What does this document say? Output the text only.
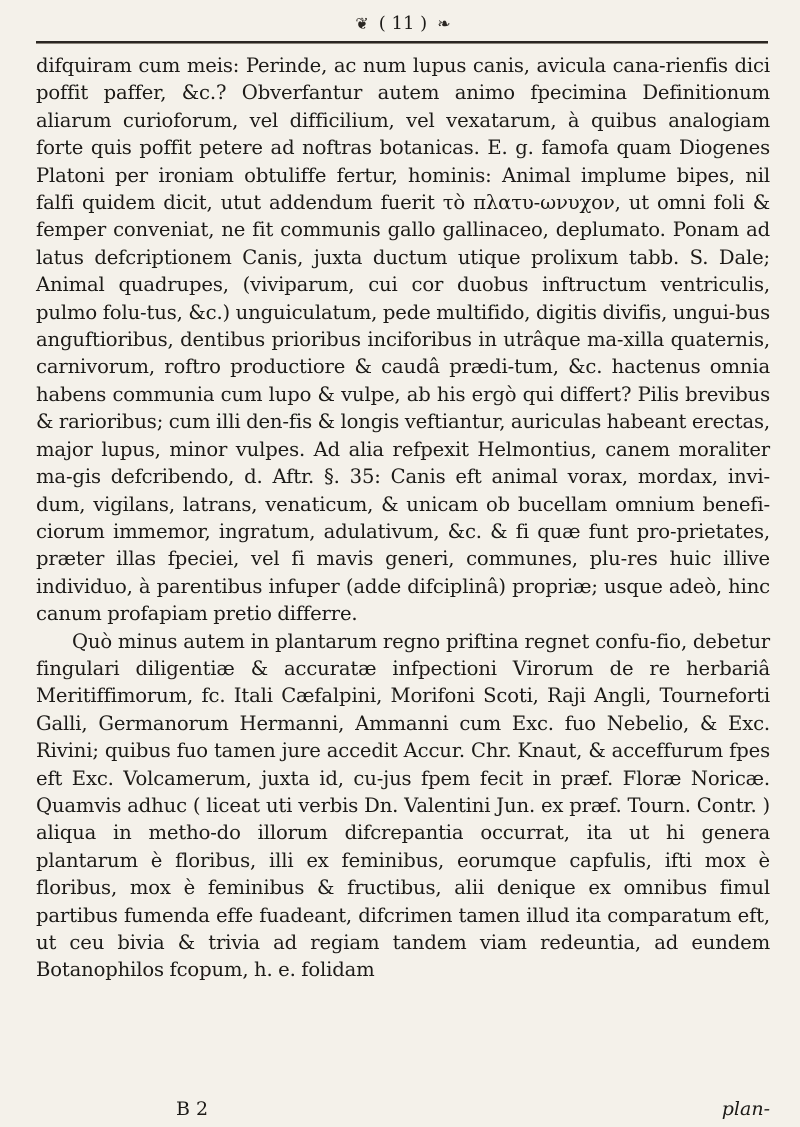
❦ ( 11 ) ❧

difquiram cum meis: Perinde, ac num lupus canis, avicula cana-rienfis dici poffit paffer, &c.? Obverfantur autem animo fpecimina Definitionum aliarum curioforum, vel difficilium, vel vexatarum, à quibus analogiam forte quis poffit petere ad noftras botanicas. E. g. famofa quam Diogenes Platoni per ironiam obtuliffe fertur, hominis: Animal implume bipes, nil falfi quidem dicit, utut addendum fuerit τὸ πλατυ-ωνυχον, ut omni foli & femper conveniat, ne fit communis gallo gallinaceo, deplumato. Ponam ad latus defcriptionem Canis, juxta ductum utique prolixum tabb. S. Dale; Animal quadrupes, (viviparum, cui cor duobus inftructum ventriculis, pulmo folu-tus, &c.) unguiculatum, pede multifido, digitis divifis, ungui-bus anguftioribus, dentibus prioribus inciforibus in utrâque ma-xilla quaternis, carnivorum, roftro productiore & caudâ prædi-tum, &c. hactenus omnia habens communia cum lupo & vulpe, ab his ergò qui differt? Pilis brevibus & rarioribus; cum illi den-fis & longis veftiantur, auriculas habeant erectas, major lupus, minor vulpes. Ad alia refpexit Helmontius, canem moraliter ma-gis defcribendo, d. Aftr. §. 35: Canis eft animal vorax, mordax, invi-dum, vigilans, latrans, venaticum, & unicam ob bucellam omnium benefi-ciorum immemor, ingratum, adulativum, &c. & fi quæ funt pro-prietates, præter illas fpeciei, vel fi mavis generi, communes, plu-res huic illive individuo, à parentibus infuper (adde difciplinâ) propriæ; usque adeò, hinc canum profapiam pretio differre.

Quò minus autem in plantarum regno priftina regnet confu-fio, debetur fingulari diligentiæ & accuratæ infpectioni Virorum de re herbariâ Meritiffimorum, fc. Itali Cæfalpini, Morifoni Scoti, Raji Angli, Tourneforti Galli, Germanorum Hermanni, Ammanni cum Exc. fuo Nebelio, & Exc. Rivini; quibus fuo tamen jure accedit Accur. Chr. Knaut, & acceffurum fpes eft Exc. Volcamerum, juxta id, cu-jus fpem fecit in præf. Floræ Noricæ. Quamvis adhuc ( liceat uti verbis Dn. Valentini Jun. ex præf. Tourn. Contr. ) aliqua in metho-do illorum difcrepantia occurrat, ita ut hi genera plantarum è floribus, illi ex feminibus, eorumque capfulis, ifti mox è floribus, mox è feminibus & fructibus, alii denique ex omnibus fimul partibus fumenda effe fuadeant, difcrimen tamen illud ita comparatum eft, ut ceu bivia & trivia ad regiam tandem viam redeuntia, ad eundem Botanophilos fcopum, h. e. folidam

B 2	plan-
